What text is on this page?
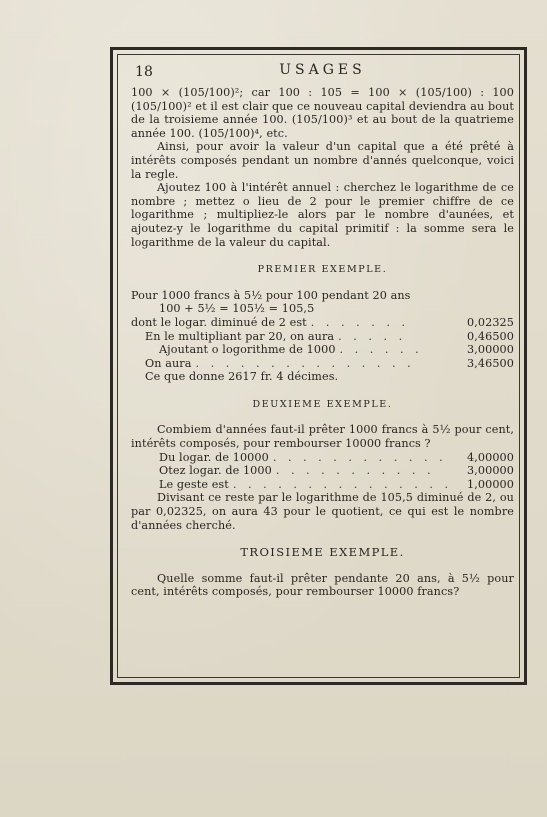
18	USAGES

100 × (105/100)²; car 100 : 105 = 100 × (105/100) : 100 (105/100)² et il est clair que ce nouveau capital deviendra au bout de la troisieme année 100. (105/100)³ et au bout de la quatrieme année 100. (105/100)⁴, etc.

Ainsi, pour avoir la valeur d'un capital que a été prêté à intérêts composés pendant un nombre d'annés quelconque, voici la regle.

Ajoutez 100 à l'intérêt annuel : cherchez le logarithme de ce nombre ; mettez o lieu de 2 pour le premier chiffre de ce logarithme ; multipliez-le alors par le nombre d'aunées, et ajoutez-y le logarithme du capital primitif : la somme sera le logarithme de la valeur du capital.

PREMIER EXEMPLE.

Pour 1000 francs à 5½ pour 100 pendant 20 ans

100 + 5½ = 105½ = 105,5

dont le logar. diminué de 2 est . . . . . . .	0,02325
En le multipliant par 20, on aura . . . . .	0,46500
Ajoutant o logorithme de 1000 . . . . . .	3,00000
On aura . . . . . . . . . . . . . . .	3,46500

Ce que donne 2617 fr. 4 décimes.

DEUXIEME EXEMPLE.

Combiem d'années faut-il prêter 1000 francs à 5½ pour cent, intérêts composés, pour rembourser 10000 francs ?

Du logar. de 10000 . . . . . . . . . . . .	4,00000
Otez logar. de 1000 . . . . . . . . . . .	3,00000
Le geste est . . . . . . . . . . . . . . .	1,00000

Divisant ce reste par le logarithme de 105,5 diminué de 2, ou par 0,02325, on aura 43 pour le quotient, ce qui est le nombre d'années cherché.

TROISIEME EXEMPLE.

Quelle somme faut-il prêter pendante 20 ans, à 5½ pour cent, intérêts composés, pour rembourser 10000 francs?
